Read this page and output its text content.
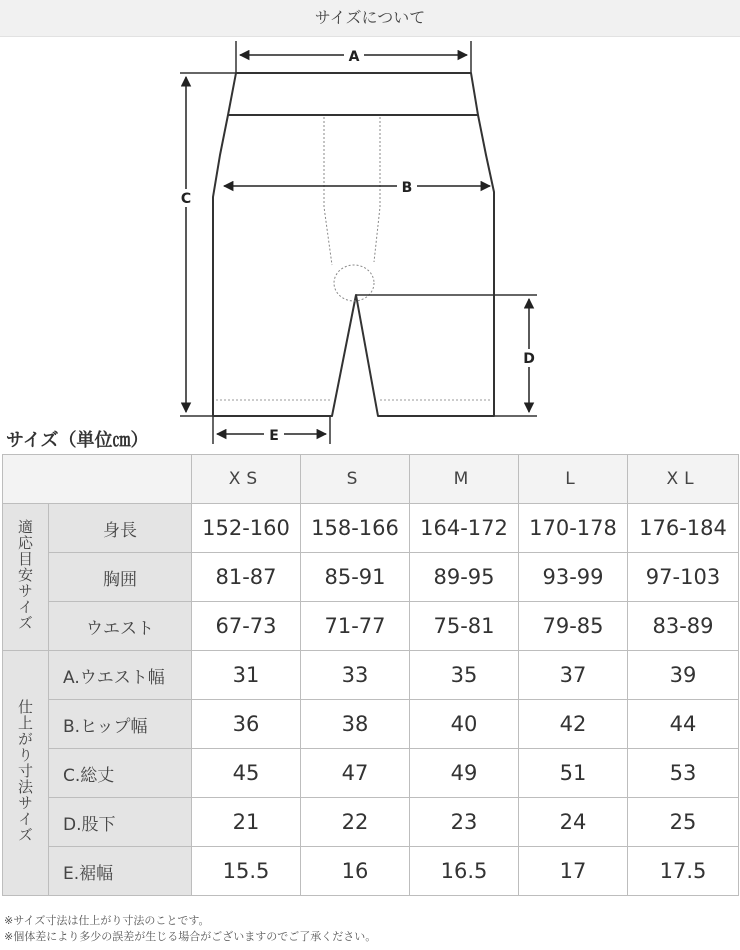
サイズについて
A
B
C
D
E
サイズ（単位㎝）
		XS	S	M	L	XL
適応目安サイズ	身長	152-160	158-166	164-172	170-178	176-184
	胸囲	81-87	85-91	89-95	93-99	97-103
	ウエスト	67-73	71-77	75-81	79-85	83-89
仕上がり寸法サイズ	A.ウエスト幅	31	33	35	37	39
	B.ヒップ幅	36	38	40	42	44
	C.総丈	45	47	49	51	53
	D.股下	21	22	23	24	25
	E.裾幅	15.5	16	16.5	17	17.5
※サイズ寸法は仕上がり寸法のことです。
※個体差により多少の誤差が生じる場合がございますのでご了承ください。
